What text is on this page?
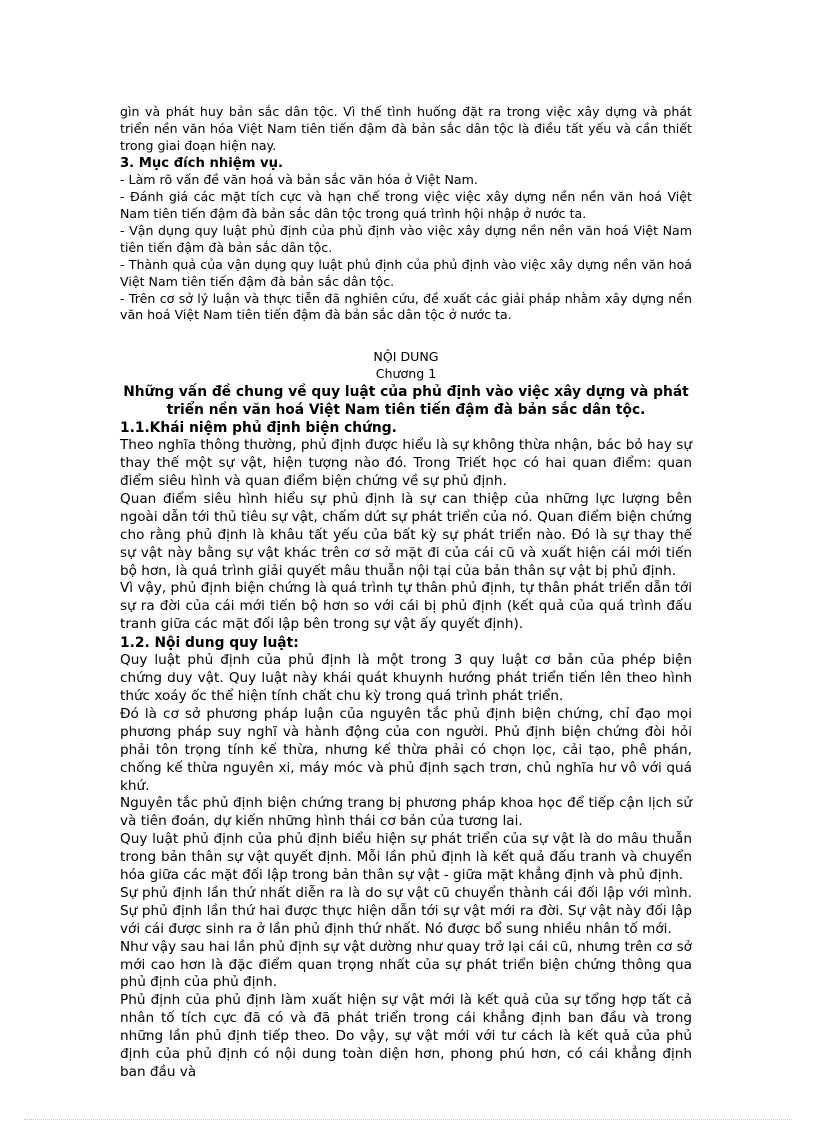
gìn và phát huy bản sắc dân tộc. Vì thế tình huống đặt ra trong việc xây dựng và phát triển nền văn hóa Việt Nam tiên tiến đậm đà bản sắc dân tộc là điều tất yếu và cần thiết trong giai đoạn hiện nay.

3. Mục đích nhiệm vụ.

- Làm rõ vấn đề văn hoá và bản sắc văn hóa ở Việt Nam.

- Đánh giá các mặt tích cực và hạn chế trong việc việc xây dựng nền nền văn hoá Việt Nam tiên tiến đậm đà bản sắc dân tộc trong quá trình hội nhập ở nước ta.

- Vận dụng quy luật phủ định của phủ định vào việc xây dựng nền nền văn hoá Việt Nam tiên tiến đậm đà bản sắc dân tộc.

- Thành quả của vận dụng quy luật phủ định của phủ định vào việc xây dựng nền văn hoá Việt Nam tiên tiến đậm đà bản sắc dân tộc.

- Trên cơ sở lý luận và thực tiễn đã nghiên cứu, đề xuất các giải pháp nhằm xây dựng nền văn hoá Việt Nam tiên tiến đậm đà bản sắc dân tộc ở nước ta.

NỘI DUNG

Chương 1

Những vấn đề chung về quy luật của phủ định vào việc xây dựng và phát triển nền văn hoá Việt Nam tiên tiến đậm đà bản sắc dân tộc.

1.1.Khái niệm phủ định biện chứng.

Theo nghĩa thông thường, phủ định được hiểu là sự không thừa nhận, bác bỏ hay sự thay thế một sự vật, hiện tượng nào đó. Trong Triết học có hai quan điểm: quan điểm siêu hình và quan điểm biện chứng về sự phủ định.

Quan điểm siêu hình hiểu sự phủ định là sự can thiệp của những lực lượng bên ngoài dẫn tới thủ tiêu sự vật, chấm dứt sự phát triển của nó. Quan điểm biện chứng cho rằng phủ định là khâu tất yếu của bất kỳ sự phát triển nào. Đó là sự thay thế sự vật này bằng sự vật khác trên cơ sở mặt đi của cái cũ và xuất hiện cái mới tiến bộ hơn, là quá trình giải quyết mâu thuẫn nội tại của bản thân sự vật bị phủ định.

Vì vậy, phủ định biện chứng là quá trình tự thân phủ định, tự thân phát triển dẫn tới sự ra đời của cái mới tiến bộ hơn so với cái bị phủ định (kết quả của quá trình đấu tranh giữa các mặt đối lập bên trong sự vật ấy quyết định).

1.2. Nội dung quy luật:

Quy luật phủ định của phủ định là một trong 3 quy luật cơ bản của phép biện chứng duy vật. Quy luật này khái quát khuynh hướng phát triển tiến lên theo hình thức xoáy ốc thể hiện tính chất chu kỳ trong quá trình phát triển.

Đó là cơ sở phương pháp luận của nguyên tắc phủ định biện chứng, chỉ đạo mọi phương pháp suy nghĩ và hành động của con người. Phủ định biện chứng đòi hỏi phải tôn trọng tính kế thừa, nhưng kế thừa phải có chọn lọc, cải tạo, phê phán, chống kế thừa nguyên xi, máy móc và phủ định sạch trơn, chủ nghĩa hư vô với quá khứ.

Nguyên tắc phủ định biện chứng trang bị phương pháp khoa học để tiếp cận lịch sử và tiên đoán, dự kiến những hình thái cơ bản của tương lai.

Quy luật phủ định của phủ định biểu hiện sự phát triển của sự vật là do mâu thuẫn trong bản thân sự vật quyết định. Mỗi lần phủ định là kết quả đấu tranh và chuyển hóa giữa các mặt đối lập trong bản thân sự vật - giữa mặt khẳng định và phủ định.

Sự phủ định lần thứ nhất diễn ra là do sự vật cũ chuyển thành cái đối lập với mình. Sự phủ định lần thứ hai được thực hiện dẫn tới sự vật mới ra đời. Sự vật này đối lập với cái được sinh ra ở lần phủ định thứ nhất. Nó được bổ sung nhiều nhân tố mới.

Như vậy sau hai lần phủ định sự vật dường như quay trở lại cái cũ, nhưng trên cơ sở mới cao hơn là đặc điểm quan trọng nhất của sự phát triển biện chứng thông qua phủ định của phủ định.

Phủ định của phủ định làm xuất hiện sự vật mới là kết quả của sự tổng hợp tất cả nhân tố tích cực đã có và đã phát triển trong cái khẳng định ban đầu và trong những lần phủ định tiếp theo. Do vậy, sự vật mới với tư cách là kết quả của phủ định của phủ định có nội dung toàn diện hơn, phong phú hơn, có cái khẳng định ban đầu và
